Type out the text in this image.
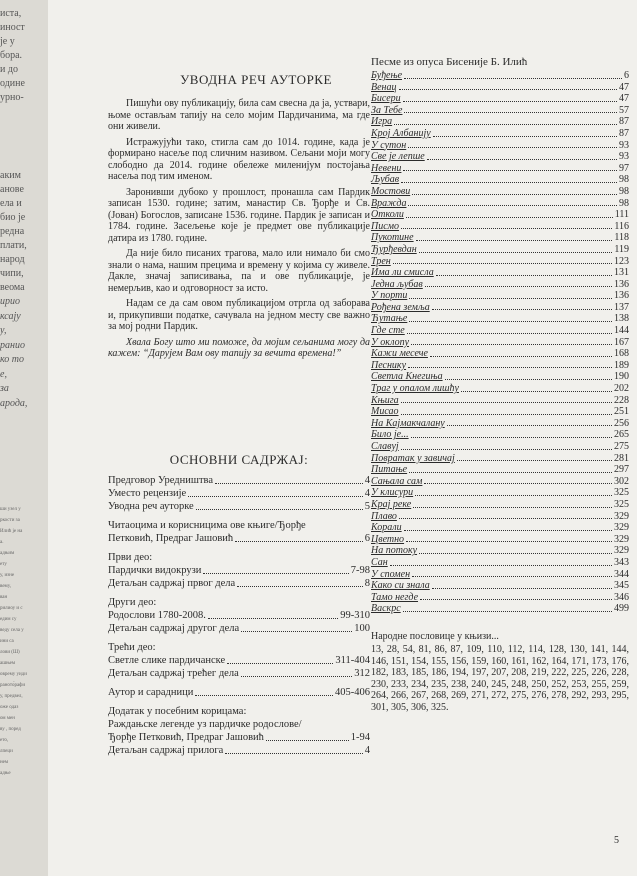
иста,
иност
је у
бора.
и до
одине
урно-
аким
анове
ела и
био је
редна
плати,
народ
чипи,
веома
ирио
ксају
у,
ранио
ко то
е,
за
арода,
ши узел у
ркости за
Илић је на
а.
адњим
ету
у, изне
вему,
ван
рилиоу и с
едим су
веду села у
ини са
лови (Ш)
ашњем
оврему уиди
раното́рафи
у, предвел,
оже одаз
ом мен
ву , поред
ето,
лпеци
нем
адње
УВОДНА РЕЧ АУТОРКЕ

Пишући ову публикацију, била сам свесна да ја, уствари, њоме остављам тапију на село мојим Пардичанима, ма где они живели.

Истражујући тако, стигла сам до 1014. године, када је формирано насеље под сличним називом. Сељани моји могу слободно да 2014. године обележе миленијум постојања насеља под тим именом.

Заронивши дубоко у прошлост, пронашла сам Пардик записан 1530. године; затим, манастир Св. Ђорђе и Св. (Јован) Богослов, записане 1536. године. Пардик је записан и 1784. године. Засељење које је предмет ове публикације датира из 1780. године.

Да није било писаних трагова, мало или нимало би смо знали о нама, нашим прецима и времену у којима су живеле. Дакле, значај записивања, па и ове публикације, је немерљив, као и одговорност за исто.

Надам се да сам овом публикацијом отргла од заборава и, прикупивши податке, сачувала на једном месту све важно за мој родни Пардик.

Хвала Богу што ми поможе, да мојим сељанима могу да кажем: “Дарујем Вам ову тапију за вечита времена!”

ОСНОВНИ САДРЖАЈ:
Предговор Уредништва	4
Уместо рецензије	4
Уводна реч ауторке	5
Читаоцима и корисницима ове књиге/Ђорђе
Петковић, Предраг Јашовић	6
Први део:
Пардички видокрузи	7-98
Детаљан садржај првог дела	8
Други део:
Родослови 1780-2008.	99-310
Детаљан садржај другог дела	100
Трећи део:
Светле слике пардичанске	311-404
Детаљан садржај трећег дела	312
Аутор и сарадници	405-406
Додатак у посебним корицама:
Раждањске легенде уз пардичке родослове/
Ђорђе Петковић, Предраг Јашовић	1-94
Детаљан садржај прилога	4
Песме из опуса Бисеније Б. Илић
Буђење	6
Венац	47
Бисери	47
За Тебе	57
Игра	87
Крој Албанију	87
У сутон	93
Све је лепше	93
Невени	97
Љубав	98
Мостови	98
Вражда	98
Отколи	111
Писмо	116
Пукотине	118
Ђурђевдан	119
Трен	123
Има ли смисла	131
Једна љубав	136
У порти	136
Рођена земља	137
Ћутање	138
Где сте	144
У оклопу	167
Кажи месече	168
Песнику	189
Светла Кнегиња	190
Траг у опалом лишћу	202
Књига	228
Мисао	251
На Кајмакчалану	256
Било је...	265
Славуј	275
Повратак у завичај	281
Питање	297
Сањала сам	302
У клисури	325
Крај реке	325
Плаво	329
Корали	329
Цветно	329
На потоку	329
Сан	343
У спомен	344
Како си знала	345
Тамо негде	346
Васкрс	499
Народне пословице у књизи...
13, 28, 54, 81, 86, 87, 109, 110, 112, 114, 128, 130, 141, 144, 146, 151, 154, 155, 156, 159, 160, 161, 162, 164, 171, 173, 176, 182, 183, 185, 186, 194, 197, 207, 208, 219, 222, 225, 226, 228, 230, 233, 234, 235, 238, 240, 245, 248, 250, 252, 253, 255, 259, 264, 266, 267, 268, 269, 271, 272, 275, 276, 278, 292, 293, 295, 301, 305, 306, 325.
5
